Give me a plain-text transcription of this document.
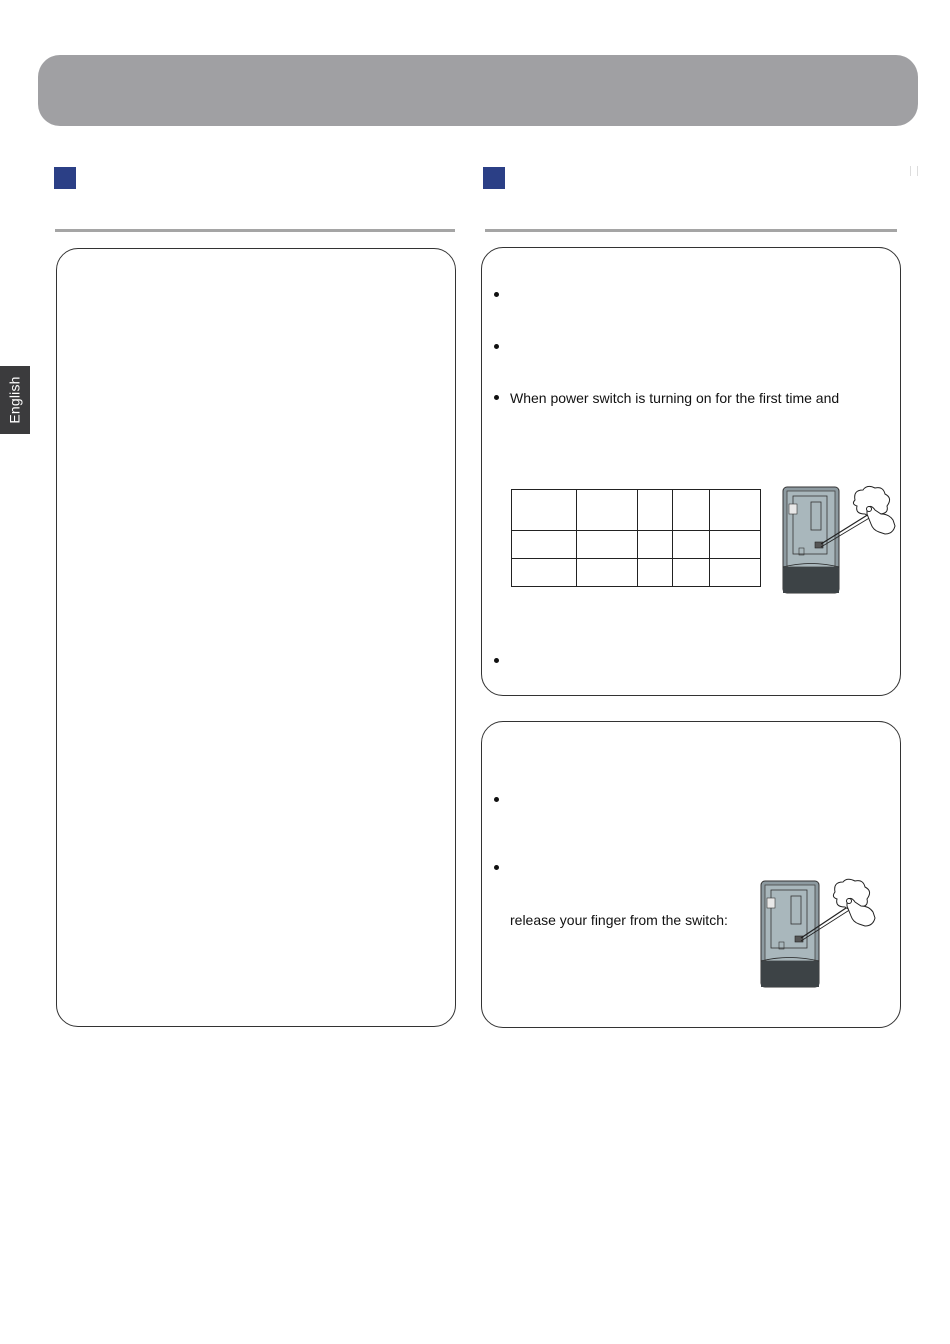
English	When power switch is turning on for the first time and

release your finger from the switch:
